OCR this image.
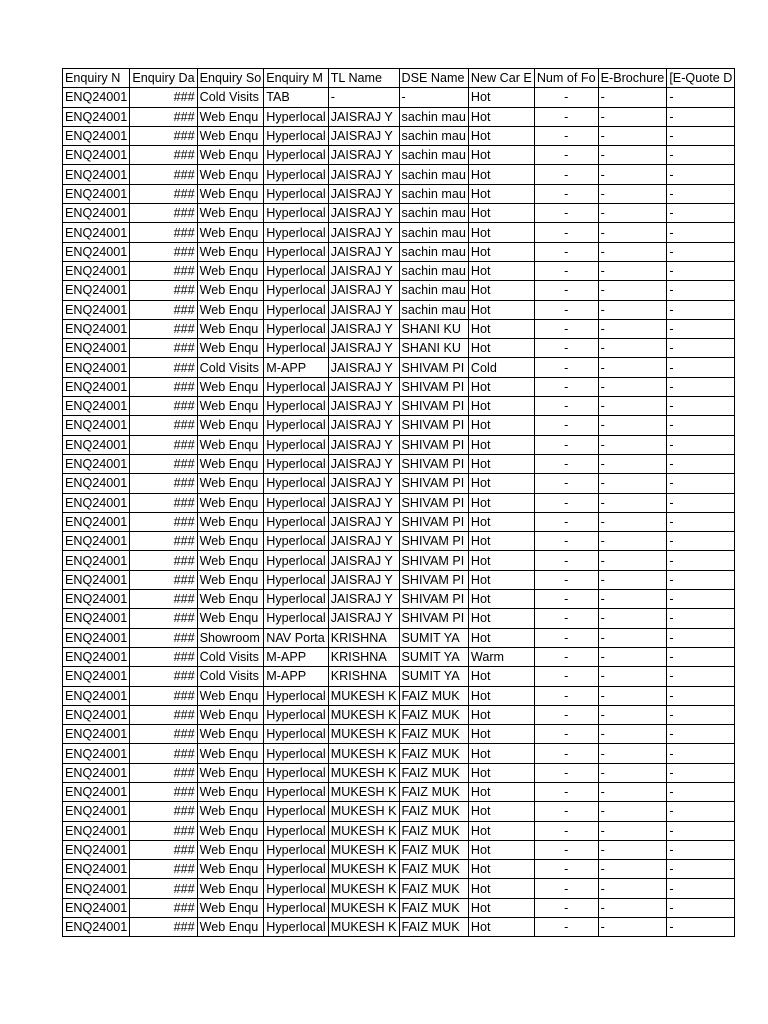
Enquiry N	Enquiry Da	Enquiry So	Enquiry M	TL Name	DSE Name	New Car E	Num of Fo	E-Brochure	[E-Quote D
ENQ24001	###	Cold Visits	TAB	-	-	Hot	-	-	-
ENQ24001	###	Web Enqu	Hyperlocal	JAISRAJ Y	sachin mau	Hot	-	-	-
ENQ24001	###	Web Enqu	Hyperlocal	JAISRAJ Y	sachin mau	Hot	-	-	-
ENQ24001	###	Web Enqu	Hyperlocal	JAISRAJ Y	sachin mau	Hot	-	-	-
ENQ24001	###	Web Enqu	Hyperlocal	JAISRAJ Y	sachin mau	Hot	-	-	-
ENQ24001	###	Web Enqu	Hyperlocal	JAISRAJ Y	sachin mau	Hot	-	-	-
ENQ24001	###	Web Enqu	Hyperlocal	JAISRAJ Y	sachin mau	Hot	-	-	-
ENQ24001	###	Web Enqu	Hyperlocal	JAISRAJ Y	sachin mau	Hot	-	-	-
ENQ24001	###	Web Enqu	Hyperlocal	JAISRAJ Y	sachin mau	Hot	-	-	-
ENQ24001	###	Web Enqu	Hyperlocal	JAISRAJ Y	sachin mau	Hot	-	-	-
ENQ24001	###	Web Enqu	Hyperlocal	JAISRAJ Y	sachin mau	Hot	-	-	-
ENQ24001	###	Web Enqu	Hyperlocal	JAISRAJ Y	sachin mau	Hot	-	-	-
ENQ24001	###	Web Enqu	Hyperlocal	JAISRAJ Y	SHANI KU	Hot	-	-	-
ENQ24001	###	Web Enqu	Hyperlocal	JAISRAJ Y	SHANI KU	Hot	-	-	-
ENQ24001	###	Cold Visits	M-APP	JAISRAJ Y	SHIVAM PI	Cold	-	-	-
ENQ24001	###	Web Enqu	Hyperlocal	JAISRAJ Y	SHIVAM PI	Hot	-	-	-
ENQ24001	###	Web Enqu	Hyperlocal	JAISRAJ Y	SHIVAM PI	Hot	-	-	-
ENQ24001	###	Web Enqu	Hyperlocal	JAISRAJ Y	SHIVAM PI	Hot	-	-	-
ENQ24001	###	Web Enqu	Hyperlocal	JAISRAJ Y	SHIVAM PI	Hot	-	-	-
ENQ24001	###	Web Enqu	Hyperlocal	JAISRAJ Y	SHIVAM PI	Hot	-	-	-
ENQ24001	###	Web Enqu	Hyperlocal	JAISRAJ Y	SHIVAM PI	Hot	-	-	-
ENQ24001	###	Web Enqu	Hyperlocal	JAISRAJ Y	SHIVAM PI	Hot	-	-	-
ENQ24001	###	Web Enqu	Hyperlocal	JAISRAJ Y	SHIVAM PI	Hot	-	-	-
ENQ24001	###	Web Enqu	Hyperlocal	JAISRAJ Y	SHIVAM PI	Hot	-	-	-
ENQ24001	###	Web Enqu	Hyperlocal	JAISRAJ Y	SHIVAM PI	Hot	-	-	-
ENQ24001	###	Web Enqu	Hyperlocal	JAISRAJ Y	SHIVAM PI	Hot	-	-	-
ENQ24001	###	Web Enqu	Hyperlocal	JAISRAJ Y	SHIVAM PI	Hot	-	-	-
ENQ24001	###	Web Enqu	Hyperlocal	JAISRAJ Y	SHIVAM PI	Hot	-	-	-
ENQ24001	###	Showroom	NAV Porta	KRISHNA	SUMIT YA	Hot	-	-	-
ENQ24001	###	Cold Visits	M-APP	KRISHNA	SUMIT YA	Warm	-	-	-
ENQ24001	###	Cold Visits	M-APP	KRISHNA	SUMIT YA	Hot	-	-	-
ENQ24001	###	Web Enqu	Hyperlocal	MUKESH K	FAIZ MUK	Hot	-	-	-
ENQ24001	###	Web Enqu	Hyperlocal	MUKESH K	FAIZ MUK	Hot	-	-	-
ENQ24001	###	Web Enqu	Hyperlocal	MUKESH K	FAIZ MUK	Hot	-	-	-
ENQ24001	###	Web Enqu	Hyperlocal	MUKESH K	FAIZ MUK	Hot	-	-	-
ENQ24001	###	Web Enqu	Hyperlocal	MUKESH K	FAIZ MUK	Hot	-	-	-
ENQ24001	###	Web Enqu	Hyperlocal	MUKESH K	FAIZ MUK	Hot	-	-	-
ENQ24001	###	Web Enqu	Hyperlocal	MUKESH K	FAIZ MUK	Hot	-	-	-
ENQ24001	###	Web Enqu	Hyperlocal	MUKESH K	FAIZ MUK	Hot	-	-	-
ENQ24001	###	Web Enqu	Hyperlocal	MUKESH K	FAIZ MUK	Hot	-	-	-
ENQ24001	###	Web Enqu	Hyperlocal	MUKESH K	FAIZ MUK	Hot	-	-	-
ENQ24001	###	Web Enqu	Hyperlocal	MUKESH K	FAIZ MUK	Hot	-	-	-
ENQ24001	###	Web Enqu	Hyperlocal	MUKESH K	FAIZ MUK	Hot	-	-	-
ENQ24001	###	Web Enqu	Hyperlocal	MUKESH K	FAIZ MUK	Hot	-	-	-
